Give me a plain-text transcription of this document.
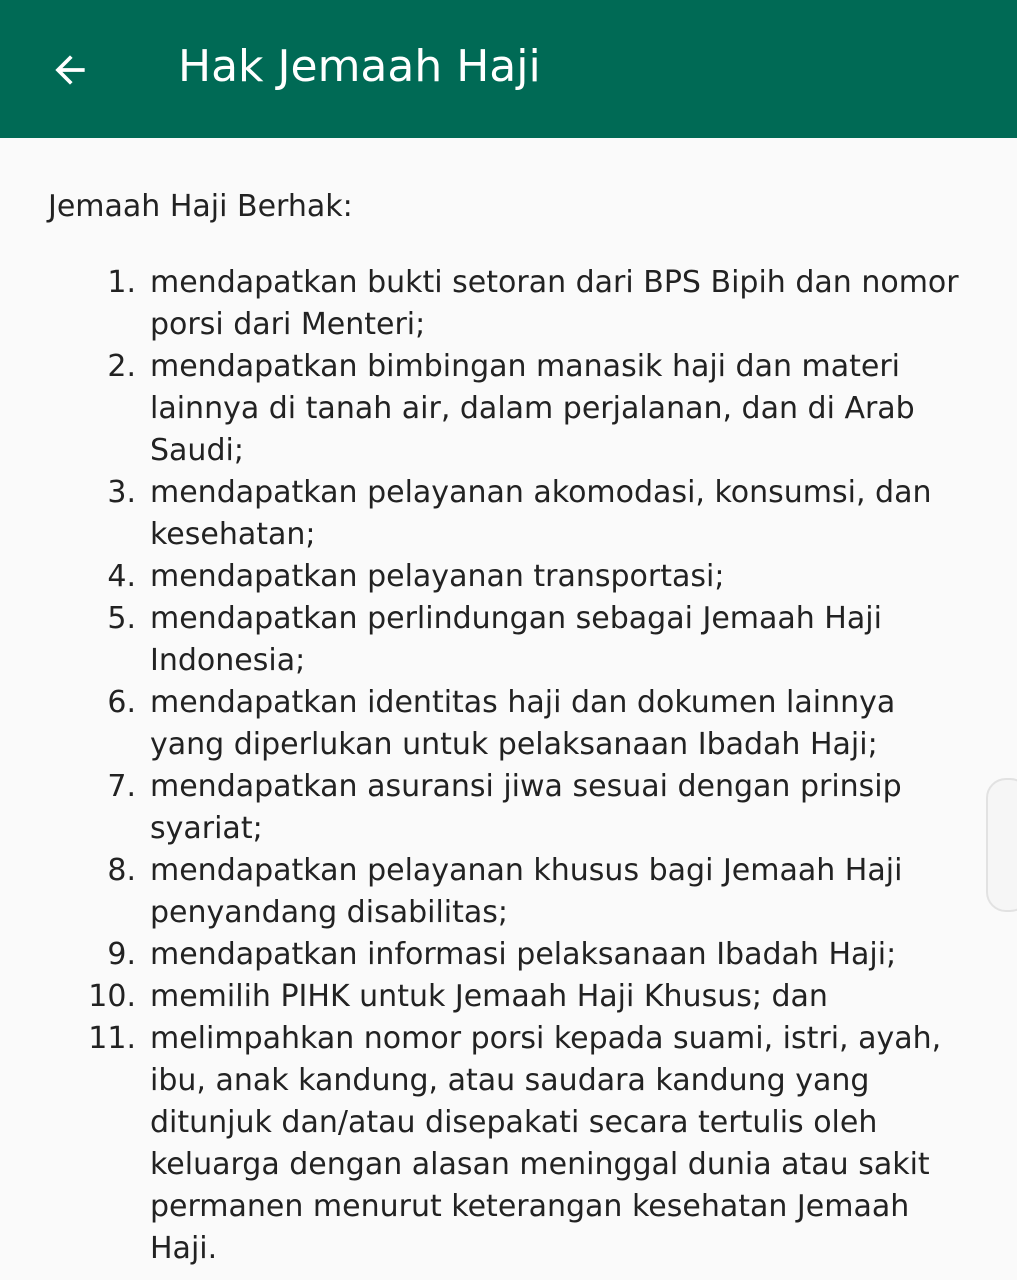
Hak Jemaah Haji
Jemaah Haji Berhak:
1. mendapatkan bukti setoran dari BPS Bipih dan nomor porsi dari Menteri;
2. mendapatkan bimbingan manasik haji dan materi lainnya di tanah air, dalam perjalanan, dan di Arab Saudi;
3. mendapatkan pelayanan akomodasi, konsumsi, dan kesehatan;
4. mendapatkan pelayanan transportasi;
5. mendapatkan perlindungan sebagai Jemaah Haji Indonesia;
6. mendapatkan identitas haji dan dokumen lainnya yang diperlukan untuk pelaksanaan Ibadah Haji;
7. mendapatkan asuransi jiwa sesuai dengan prinsip syariat;
8. mendapatkan pelayanan khusus bagi Jemaah Haji penyandang disabilitas;
9. mendapatkan informasi pelaksanaan Ibadah Haji;
10. memilih PIHK untuk Jemaah Haji Khusus; dan
11. melimpahkan nomor porsi kepada suami, istri, ayah, ibu, anak kandung, atau saudara kandung yang ditunjuk dan/atau disepakati secara tertulis oleh keluarga dengan alasan meninggal dunia atau sakit permanen menurut keterangan kesehatan Jemaah Haji.
